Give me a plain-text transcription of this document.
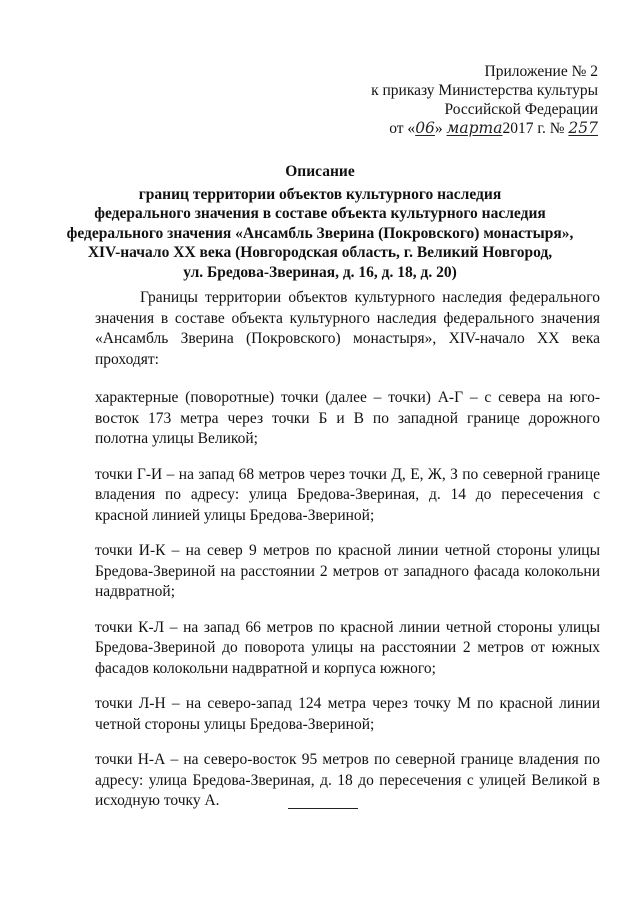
Приложение № 2
к приказу Министерства культуры
Российской Федерации
от «06» марта2017 г. № 257
Описание
границ территории объектов культурного наследия
федерального значения в составе объекта культурного наследия
федерального значения «Ансамбль Зверина (Покровского) монастыря»,
XIV-начало XX века (Новгородская область, г. Великий Новгород,
ул. Бредова-Звериная, д. 16, д. 18, д. 20)

Границы территории объектов культурного наследия федерального значения в составе объекта культурного наследия федерального значения «Ансамбль Зверина (Покровского) монастыря», XIV-начало XX века проходят:

характерные (поворотные) точки (далее – точки) А-Г – с севера на юго-восток 173 метра через точки Б и В по западной границе дорожного полотна улицы Великой;

точки Г-И – на запад 68 метров через точки Д, Е, Ж, З по северной границе владения по адресу: улица Бредова-Звериная, д. 14 до пересечения с красной линией улицы Бредова-Звериной;

точки И-К – на север 9 метров по красной линии четной стороны улицы Бредова-Звериной на расстоянии 2 метров от западного фасада колокольни надвратной;

точки К-Л – на запад 66 метров по красной линии четной стороны улицы Бредова-Звериной до поворота улицы на расстоянии 2 метров от южных фасадов колокольни надвратной и корпуса южного;

точки Л-Н – на северо-запад 124 метра через точку М по красной линии четной стороны улицы Бредова-Звериной;

точки Н-А – на северо-восток 95 метров по северной границе владения по адресу: улица Бредова-Звериная, д. 18 до пересечения с улицей Великой в исходную точку А.
